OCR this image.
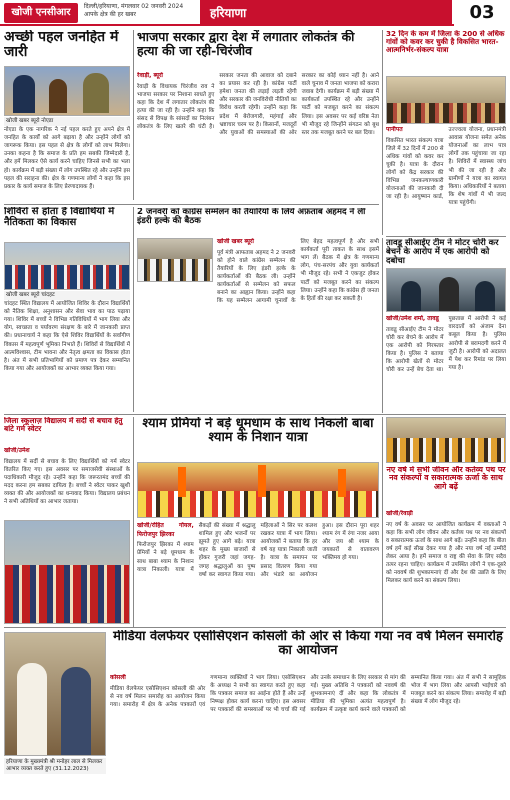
खोजी एनसीआर
दिल्ली/हरियाणा, मंगलवार 02 जनवरी 2024
आपके क्षेत्र की हर खबर	हरियाणा	03
अच्छी पहल जनहित में जारी
खोजी खबर ब्यूरो नोएडा
नोएडा के एक नागरिक ने नई पहल करते हुए अपने क्षेत्र में जनहित के कार्यों को आगे बढ़ाया है और उन्होंने लोगों को जागरूक किया। इस पहल से क्षेत्र के लोगों को लाभ मिलेगा। उनका कहना है कि समाज के प्रति हम सबकी जिम्मेदारी है, और हमें मिलकर ऐसे कार्य करने चाहिए जिनसे सभी का भला हो। कार्यक्रम में बड़ी संख्या में लोग उपस्थित रहे और उन्होंने इस पहल की सराहना की। क्षेत्र के गणमान्य लोगों ने कहा कि इस प्रकार के कार्य समाज के लिए प्रेरणादायक हैं।
भाजपा सरकार द्वारा देश में लगातार लोकतंत्र की हत्या की जा रही-चिरंजीव
रेवाड़ी, ब्यूरो
रेवाड़ी के विधायक चिरंजीव राव ने भाजपा सरकार पर निशाना साधते हुए कहा कि देश में लगातार लोकतंत्र की हत्या की जा रही है। उन्होंने कहा कि संसद से विपक्ष के सांसदों का निलंबन लोकतंत्र के लिए खतरे की घंटी है। सरकार जनता की आवाज को दबाने का प्रयास कर रही है। कांग्रेस पार्टी हमेशा जनता की लड़ाई लड़ती रहेगी और सरकार की जनविरोधी नीतियों का विरोध करती रहेगी। उन्होंने कहा कि प्रदेश में बेरोजगारी, महंगाई और भ्रष्टाचार चरम पर है। किसानों, मजदूरों और युवाओं की समस्याओं की ओर सरकार का कोई ध्यान नहीं है। आने वाले चुनाव में जनता भाजपा को करारा जवाब देगी। कार्यक्रम में बड़ी संख्या में कार्यकर्ता उपस्थित रहे और उन्होंने पार्टी को मजबूत करने का संकल्प लिया। इस अवसर पर कई वरिष्ठ नेता भी मौजूद रहे जिन्होंने संगठन को बूथ स्तर तक मजबूत करने पर बल दिया।
32 दिन के कम में जिला के 200 से अधिक गांवों को कवर कर चुकी है विकसित भारत-आत्मनिर्भर-संकल्प यात्रा
पानीपत
विकसित भारत संकल्प यात्रा जिले में 32 दिनों में 200 से अधिक गांवों को कवर कर चुकी है। यात्रा के दौरान लोगों को केंद्र सरकार की विभिन्न जनकल्याणकारी योजनाओं की जानकारी दी जा रही है। आयुष्मान कार्ड, उज्ज्वला योजना, प्रधानमंत्री आवास योजना समेत अनेक योजनाओं का लाभ पात्र लोगों तक पहुंचाया जा रहा है। शिविरों में स्वास्थ्य जांच भी की जा रही है और ग्रामीणों ने यात्रा का स्वागत किया। अधिकारियों ने बताया कि शेष गांवों में भी जल्द यात्रा पहुंचेगी।
शिविरों से होता है विद्यार्थियों में नैतिकता का विकास
खोजी खबर ब्यूरो चांदहट
चांदहट स्थित विद्यालय में आयोजित शिविर के दौरान विद्यार्थियों को नैतिक शिक्षा, अनुशासन और सेवा भाव का पाठ पढ़ाया गया। शिविर में बच्चों ने विभिन्न गतिविधियों में भाग लिया और योग, स्वच्छता व पर्यावरण संरक्षण के बारे में जानकारी प्राप्त की। प्रधानाचार्य ने कहा कि ऐसे शिविर विद्यार्थियों के सर्वांगीण विकास में महत्वपूर्ण भूमिका निभाते हैं। शिविरों से विद्यार्थियों में आत्मविश्वास, टीम भावना और नेतृत्व क्षमता का विकास होता है। अंत में सभी प्रतिभागियों को प्रमाण पत्र देकर सम्मानित किया गया और आयोजकों का आभार व्यक्त किया गया।
2 जनवरी को कांग्रेस सम्मेलन की तैयारियों के लिये अफ़ताब अहमद ने ली इंडरी हल्के की बैठक
खोजी खबर ब्यूरो
पूर्व मंत्री आफताब अहमद ने 2 जनवरी को होने वाले कांग्रेस सम्मेलन की तैयारियों के लिए इंडरी हल्के के कार्यकर्ताओं की बैठक ली। उन्होंने कार्यकर्ताओं से सम्मेलन को सफल बनाने का आह्वान किया। उन्होंने कहा कि यह सम्मेलन आगामी चुनावों के लिए बेहद महत्वपूर्ण है और सभी कार्यकर्ता पूरी ताकत के साथ इसमें भाग लें। बैठक में क्षेत्र के गणमान्य लोग, पंच-सरपंच और युवा कार्यकर्ता भी मौजूद रहे। सभी ने एकजुट होकर पार्टी को मजबूत करने का संकल्प लिया। उन्होंने कहा कि कांग्रेस ही जनता के हितों की रक्षा कर सकती है।
तावडू सीआईए टीम ने मोटर चोरी कर बेचने के आरोप में एक आरोपी को दबोचा
खोजी/उमेश शर्मा, तावडू
तावडू सीआईए टीम ने मोटर चोरी कर बेचने के आरोप में एक आरोपी को गिरफ्तार किया है। पुलिस ने बताया कि आरोपी खेतों से मोटर चोरी कर उन्हें बेच देता था। पूछताछ में आरोपी ने कई वारदातों को अंजाम देना कबूल किया है। पुलिस आरोपी से बरामदगी करने में जुटी है। आरोपी को अदालत में पेश कर रिमांड पर लिया गया है।
श्याम प्रेमियों ने बड़े धूमधाम के साथ निकली बाबा श्याम के निशान यात्रा
खोजी/रोहित गोयल, फिरोजपुर झिरका
फिरोजपुर झिरका में श्याम प्रेमियों ने बड़े धूमधाम के साथ बाबा श्याम के निशान यात्रा निकाली। यात्रा में सैकड़ों की संख्या में श्रद्धालु शामिल हुए और भजनों पर झूमते हुए आगे बढ़े। यात्रा शहर के मुख्य बाजारों से होकर गुजरी जहां जगह-जगह श्रद्धालुओं का पुष्प वर्षा कर स्वागत किया गया। महिलाओं ने सिर पर कलश रखकर यात्रा में भाग लिया। आयोजकों ने बताया कि हर वर्ष यह यात्रा निकाली जाती है। यात्रा के समापन पर प्रसाद वितरण किया गया और भंडारे का आयोजन हुआ। इस दौरान पूरा शहर श्याम रंग में रंगा नजर आया और जय श्री श्याम के जयकारों से वातावरण भक्तिमय हो गया।
जिला स्कूलाज़ विद्यालय में सर्दी से बचाव हेतु बांटे गर्म स्वेटर
खोजी/उमेश
विद्यालय में सर्दी से बचाव के लिए विद्यार्थियों को गर्म स्वेटर वितरित किए गए। इस अवसर पर समाजसेवी संस्थाओं के पदाधिकारी मौजूद रहे। उन्होंने कहा कि जरूरतमंद बच्चों की मदद करना हम सबका दायित्व है। बच्चों ने स्वेटर पाकर खुशी व्यक्त की और आयोजकों का धन्यवाद किया। विद्यालय प्रबंधन ने सभी अतिथियों का आभार जताया।
नए वर्ष में सभी जीवन और कर्तव्य पथ पर नव संकल्पों व सकारात्मक ऊर्जा के साथ आगे बढ़ें
खोजी/रेवाड़ी
नए वर्ष के अवसर पर आयोजित कार्यक्रम में वक्ताओं ने कहा कि सभी लोग जीवन और कर्तव्य पथ पर नव संकल्पों व सकारात्मक ऊर्जा के साथ आगे बढ़ें। उन्होंने कहा कि बीता वर्ष हमें कई सीख देकर गया है और नया वर्ष नई उम्मीदें लेकर आया है। हमें समाज व राष्ट्र की सेवा के लिए सदैव तत्पर रहना चाहिए। कार्यक्रम में उपस्थित लोगों ने एक-दूसरे को नववर्ष की शुभकामनाएं दीं और देश की उन्नति के लिए मिलकर कार्य करने का संकल्प लिया।
मीडिया वेलफेयर एसोसिएशन कोसली की ओर से किया गया नव वर्ष मिलन समारोह का आयोजन
हरियाणा के मुख्यमंत्री श्री मनोहर लाल से मिलकर आभार व्यक्त करते हुए (31.12.2023)
कोसली
मीडिया वेलफेयर एसोसिएशन कोसली की ओर से नव वर्ष मिलन समारोह का आयोजन किया गया। समारोह में क्षेत्र के अनेक पत्रकारों एवं गणमान्य व्यक्तियों ने भाग लिया। एसोसिएशन के अध्यक्ष ने सभी का स्वागत करते हुए कहा कि पत्रकार समाज का आईना होते हैं और उन्हें निष्पक्ष होकर कार्य करना चाहिए। इस अवसर पर पत्रकारों की समस्याओं पर भी चर्चा की गई और उनके समाधान के लिए सरकार से मांग की गई। मुख्य अतिथि ने पत्रकारों को नववर्ष की शुभकामनाएं दीं और कहा कि लोकतंत्र में मीडिया की भूमिका अत्यंत महत्वपूर्ण है। कार्यक्रम में उत्कृष्ट कार्य करने वाले पत्रकारों को सम्मानित किया गया। अंत में सभी ने सामूहिक भोज में भाग लिया और आपसी भाईचारे को मजबूत करने का संकल्प लिया। समारोह में बड़ी संख्या में लोग मौजूद रहे।
